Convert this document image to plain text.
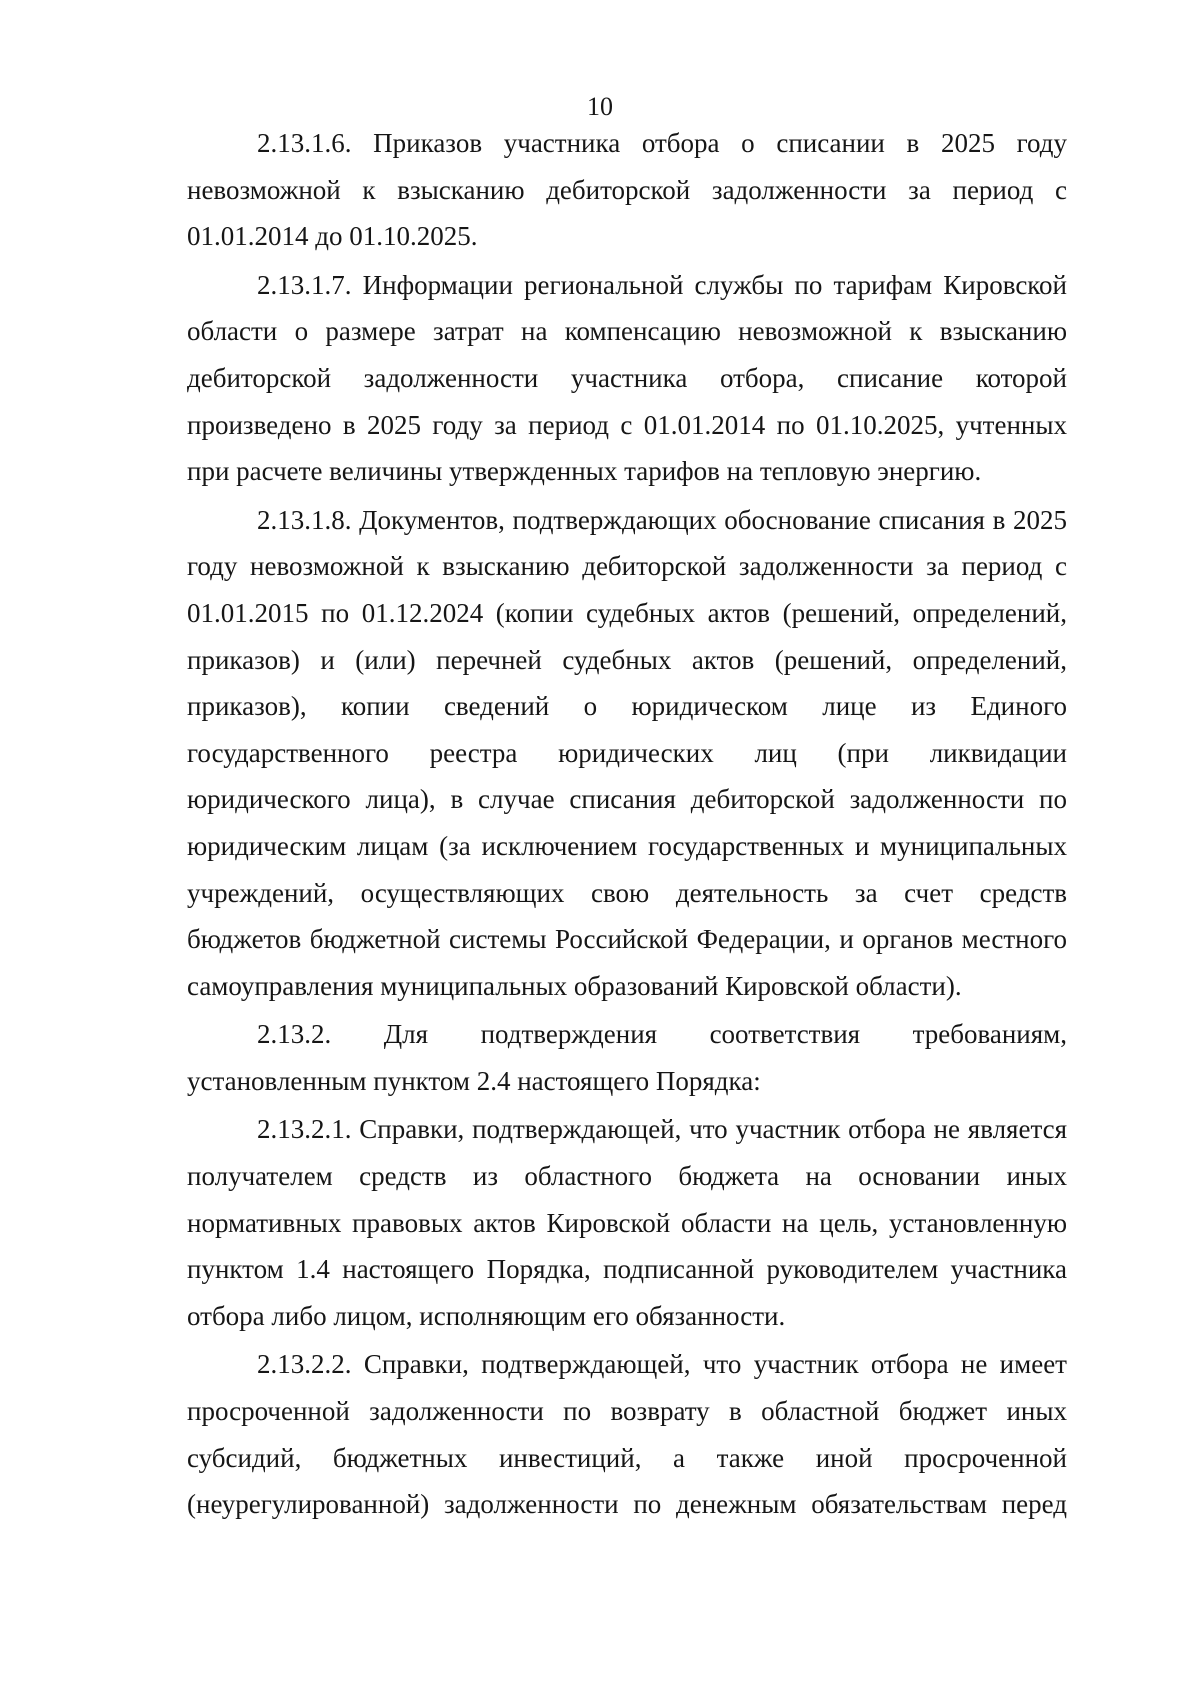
10

2.13.1.6. Приказов участника отбора о списании в 2025 году невозможной к взысканию дебиторской задолженности за период с 01.01.2014 до 01.10.2025.

2.13.1.7. Информации региональной службы по тарифам Кировской области о размере затрат на компенсацию невозможной к взысканию дебиторской задолженности участника отбора, списание которой произведено в 2025 году за период с 01.01.2014 по 01.10.2025, учтенных при расчете величины утвержденных тарифов на тепловую энергию.

2.13.1.8. Документов, подтверждающих обоснование списания в 2025 году невозможной к взысканию дебиторской задолженности за период с 01.01.2015 по 01.12.2024 (копии судебных актов (решений, определений, приказов) и (или) перечней судебных актов (решений, определений, приказов), копии сведений о юридическом лице из Единого государственного реестра юридических лиц (при ликвидации юридического лица), в случае списания дебиторской задолженности по юридическим лицам (за исключением государственных и муниципальных учреждений, осуществляющих свою деятельность за счет средств бюджетов бюджетной системы Российской Федерации, и органов местного самоуправления муниципальных образований Кировской области).

2.13.2. Для подтверждения соответствия требованиям, установленным пунктом 2.4 настоящего Порядка:

2.13.2.1. Справки, подтверждающей, что участник отбора не является получателем средств из областного бюджета на основании иных нормативных правовых актов Кировской области на цель, установленную пунктом 1.4 настоящего Порядка, подписанной руководителем участника отбора либо лицом, исполняющим его обязанности.

2.13.2.2. Справки, подтверждающей, что участник отбора не имеет просроченной задолженности по возврату в областной бюджет иных субсидий, бюджетных инвестиций, а также иной просроченной (неурегулированной) задолженности по денежным обязательствам перед
